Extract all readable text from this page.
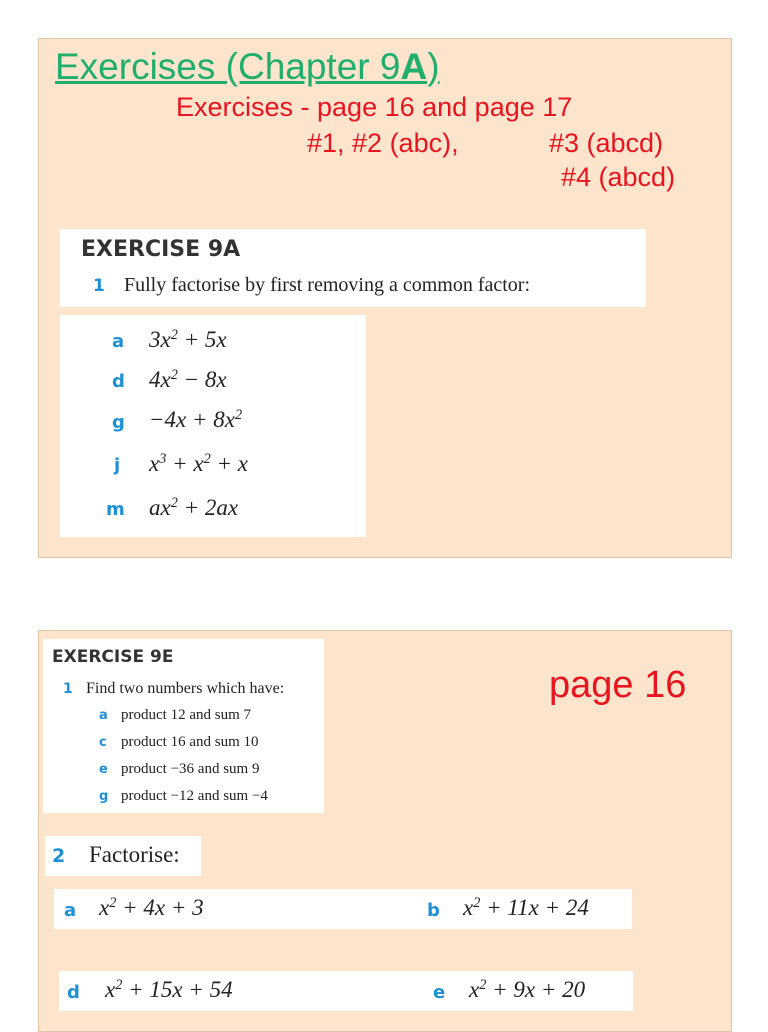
Exercises (Chapter 9A)
Exercises - page 16 and page 17
#1, #2 (abc),	#3 (abcd)
#4 (abcd)
EXERCISE 9A
1 Fully factorise by first removing a common factor:
a $3x^2 + 5x$
d $4x^2 - 8x$
$g -4x + 8x^2$
j $x^3 + x^2 + x$
m $ax^2 + 2ax$
page 16
EXERCISE 9E
1 Find two numbers which have:
a product 12 and sum 7
c product 16 and sum 10
e product −36 and sum 9
g product −12 and sum −4
2 Factorise:
a $x^2 + 4x + 3$	b $x^2 + 11x + 24$
d $x^2 + 15x + 54$	e $x^2 + 9x + 20$
